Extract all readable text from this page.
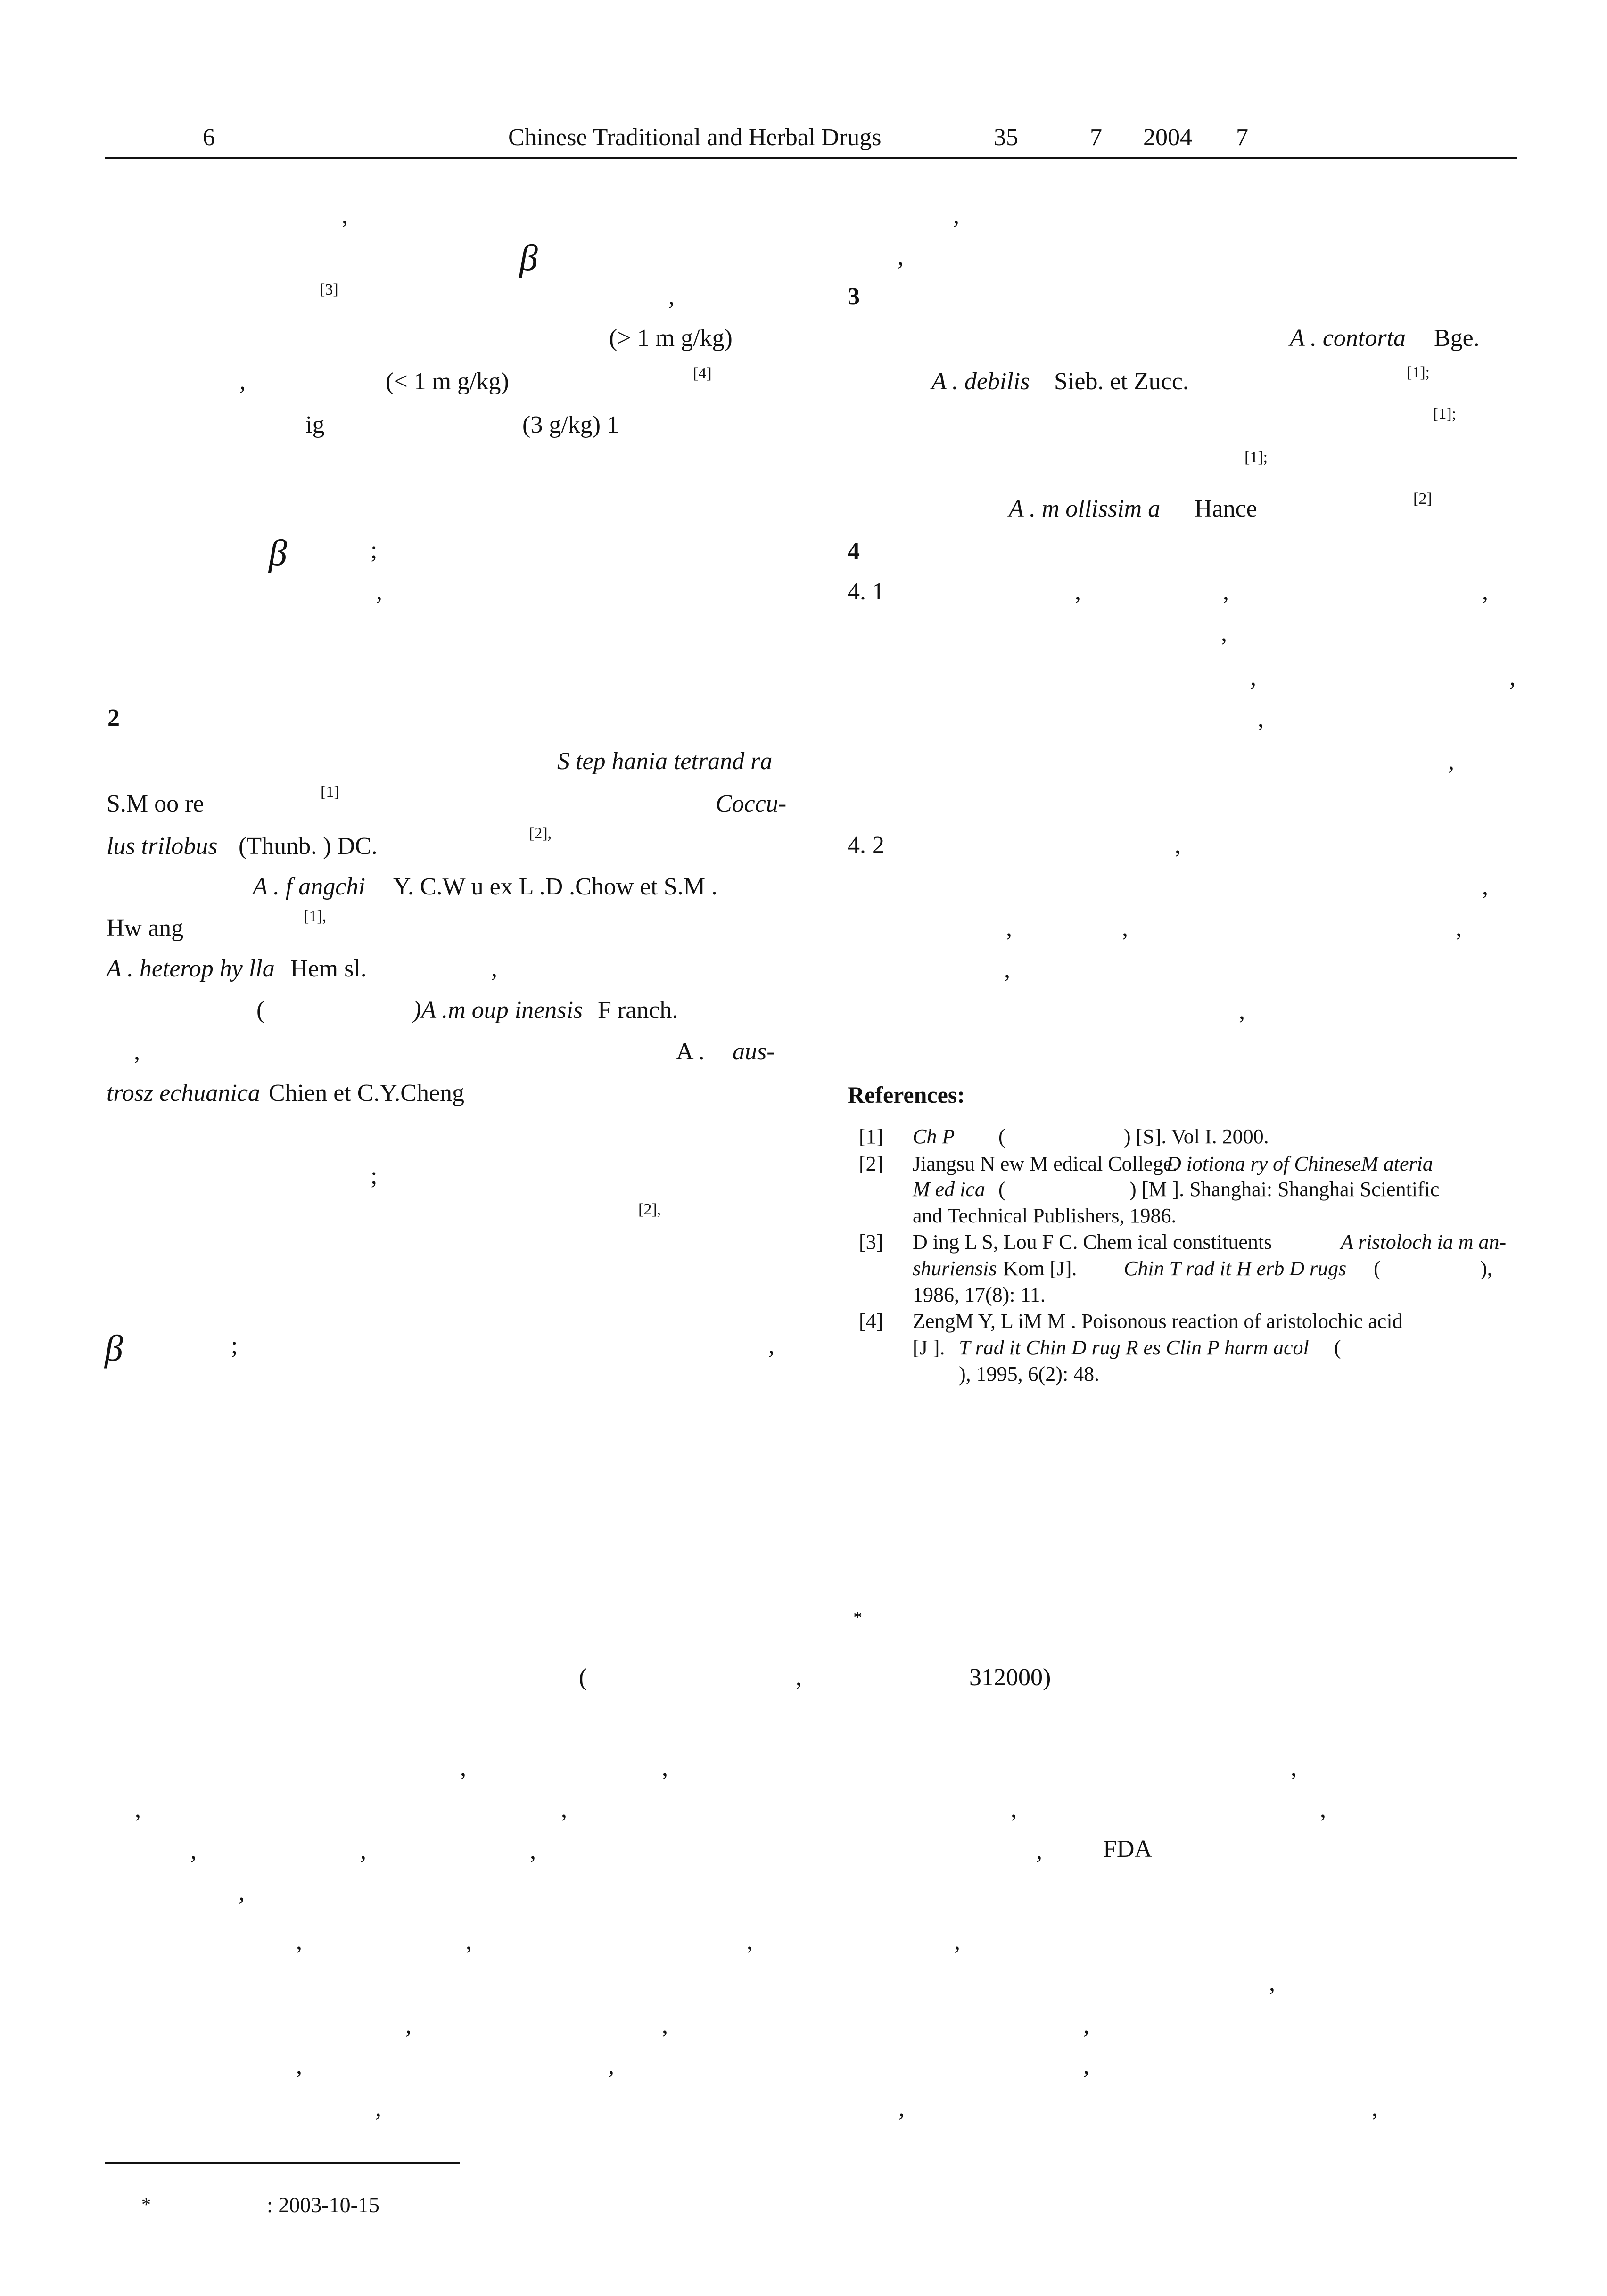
6	Chinese Traditional and Herbal Drugs	35	7 2004 7
,
β
[3]	,
(> 1 m g/kg)
,	(< 1 m g/kg)	[4]
ig	(3 g/kg) 1
β	;
,
2
S tep hania tetrand ra
S.M oo re	[1]	Coccu-
lus trilobus (Thunb. ) DC.	[2],
A . f angchi Y. C.W u ex L .D .Chow et S.M .
Hw ang	[1],
A . heterop hy lla Hem sl.	,
(	)A .m oup inensis F ranch.
,	A . aus-
trosz echuanica Chien et C.Y.Cheng
;
[2],
β	;	,
,
,
3
A . contorta Bge.
A . debilis Sieb. et Zucc.	[1];
[1];
[1];
A . m ollissim a Hance	[2]
4
4. 1	,	,	,
,
,	,
,
,
4. 2	,
,
,	,	,
,
,
References:
[1] Ch P (	) [S]. Vol I. 2000.
[2] Jiangsu N ew M edical College.
D iotiona ry of ChineseM ateria
M ed ica (	) [M ]. Shanghai: Shanghai Scientific
and Technical Publishers, 1986.
[3] D ing L S, Lou F C. Chem ical constituents	A ristoloch ia m an-
shuriensis Kom [J]. Chin T rad it H erb D rugs (	),
1986, 17(8): 11.
[4] ZengM Y, L iM M . Poisonous reaction of aristolochic acid
[J ]. T rad it Chin D rug R es Clin P harm acol (
), 1995, 6(2): 48.
*
(	,	312000)
,	,	,
,	,	,	,
,	,	,	, FDA
,
,	,	,	,
,
,	,	,
,	,	,
,	,	,
*	: 2003-10-15
